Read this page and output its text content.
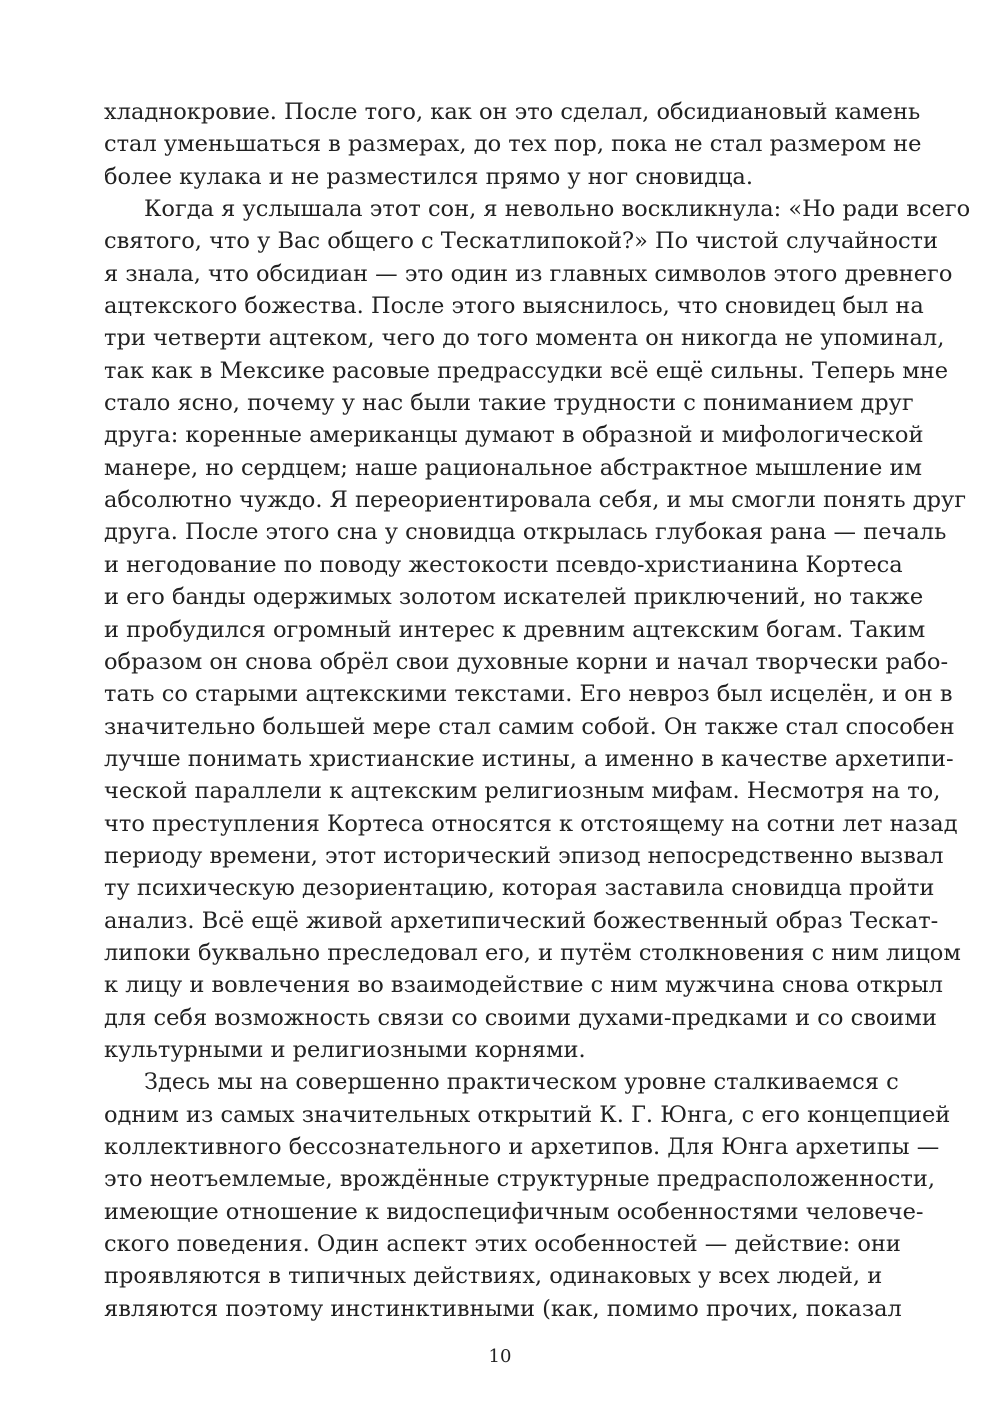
хладнокровие. После того, как он это сделал, обсидиановый камень
стал уменьшаться в размерах, до тех пор, пока не стал размером не
более кулака и не разместился прямо у ног сновидца.
Когда я услышала этот сон, я невольно воскликнула: «Но ради всего
святого, что у Вас общего с Тескатлипокой?» По чистой случайности
я знала, что обсидиан — это один из главных символов этого древнего
ацтекского божества. После этого выяснилось, что сновидец был на
три четверти ацтеком, чего до того момента он никогда не упоминал,
так как в Мексике расовые предрассудки всё ещё сильны. Теперь мне
стало ясно, почему у нас были такие трудности с пониманием друг
друга: коренные американцы думают в образной и мифологической
манере, но сердцем; наше рациональное абстрактное мышление им
абсолютно чуждо. Я переориентировала себя, и мы смогли понять друг
друга. После этого сна у сновидца открылась глубокая рана — печаль
и негодование по поводу жестокости псевдо-христианина Кортеса
и его банды одержимых золотом искателей приключений, но также
и пробудился огромный интерес к древним ацтекским богам. Таким
образом он снова обрёл свои духовные корни и начал творчески рабо-
тать со старыми ацтекскими текстами. Его невроз был исцелён, и он в
значительно большей мере стал самим собой. Он также стал способен
лучше понимать христианские истины, а именно в качестве архетипи-
ческой параллели к ацтекским религиозным мифам. Несмотря на то,
что преступления Кортеса относятся к отстоящему на сотни лет назад
периоду времени, этот исторический эпизод непосредственно вызвал
ту психическую дезориентацию, которая заставила сновидца пройти
анализ. Всё ещё живой архетипический божественный образ Тескат-
липоки буквально преследовал его, и путём столкновения с ним лицом
к лицу и вовлечения во взаимодействие с ним мужчина снова открыл
для себя возможность связи со своими духами-предками и со своими
культурными и религиозными корнями.
Здесь мы на совершенно практическом уровне сталкиваемся с
одним из самых значительных открытий К. Г. Юнга, с его концепцией
коллективного бессознательного и архетипов. Для Юнга архетипы —
это неотъемлемые, врождённые структурные предрасположенности,
имеющие отношение к видоспецифичным особенностями человече-
ского поведения. Один аспект этих особенностей — действие: они
проявляются в типичных действиях, одинаковых у всех людей, и
являются поэтому инстинктивными (как, помимо прочих, показал
10
